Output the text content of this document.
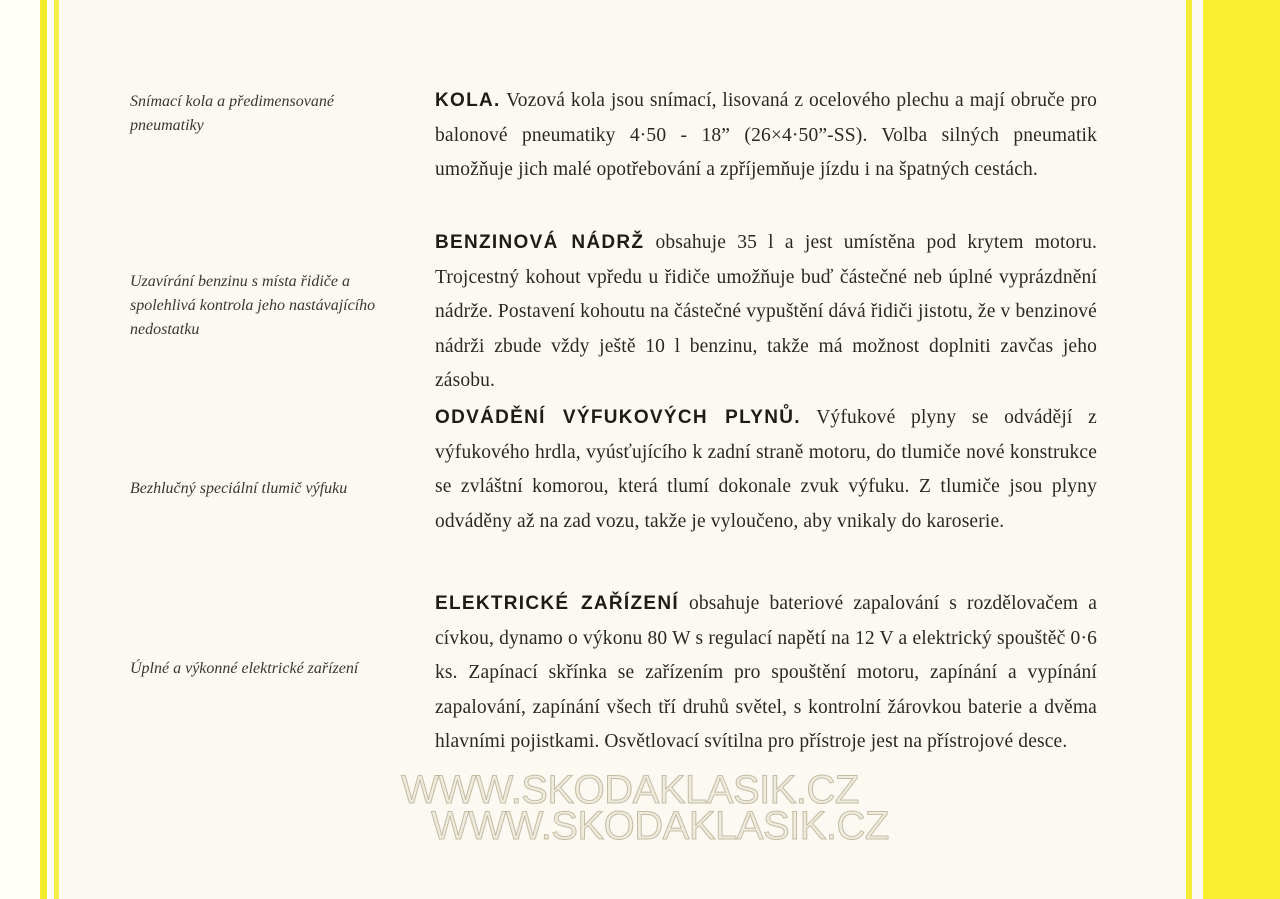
Snímací kola a předimensované pneumatiky
Uzavírání benzinu s místa řidiče a spolehlivá kontrola jeho nastávajícího nedostatku
Bezhlučný speciální tlumič výfuku
Úplné a výkonné elektrické zařízení
KOLA. Vozová kola jsou snímací, lisovaná z ocelového plechu a mají obruče pro balonové pneumatiky 4·50 - 18” (26×4·50”-SS). Volba silných pneumatik umožňuje jich malé opotřebování a zpříjemňuje jízdu i na špatných cestách.
BENZINOVÁ NÁDRŽ obsahuje 35 l a jest umístěna pod krytem motoru. Trojcestný kohout vpředu u řidiče umožňuje buď částečné neb úplné vyprázdnění nádrže. Postavení kohoutu na částečné vypuštění dává řidiči jistotu, že v benzinové nádrži zbude vždy ještě 10 l benzinu, takže má možnost doplniti zavčas jeho zásobu.
ODVÁDĚNÍ VÝFUKOVÝCH PLYNŮ. Výfukové plyny se odvádějí z výfukového hrdla, vyúsťujícího k zadní straně motoru, do tlumiče nové konstrukce se zvláštní komorou, která tlumí dokonale zvuk výfuku. Z tlumiče jsou plyny odváděny až na zad vozu, takže je vyloučeno, aby vnikaly do karoserie.
ELEKTRICKÉ ZAŘÍZENÍ obsahuje bateriové zapalování s rozdělovačem a cívkou, dynamo o výkonu 80 W s regulací napětí na 12 V a elektrický spouštěč 0·6 ks. Zapínací skřínka se zařízením pro spouštění motoru, zapínání a vypínání zapalování, zapínání všech tří druhů světel, s kontrolní žárovkou baterie a dvěma hlavními pojistkami. Osvětlovací svítilna pro přístroje jest na přístrojové desce.
WWW.SKODAKLASIK.CZ
WWW.SKODAKLASIK.CZ
